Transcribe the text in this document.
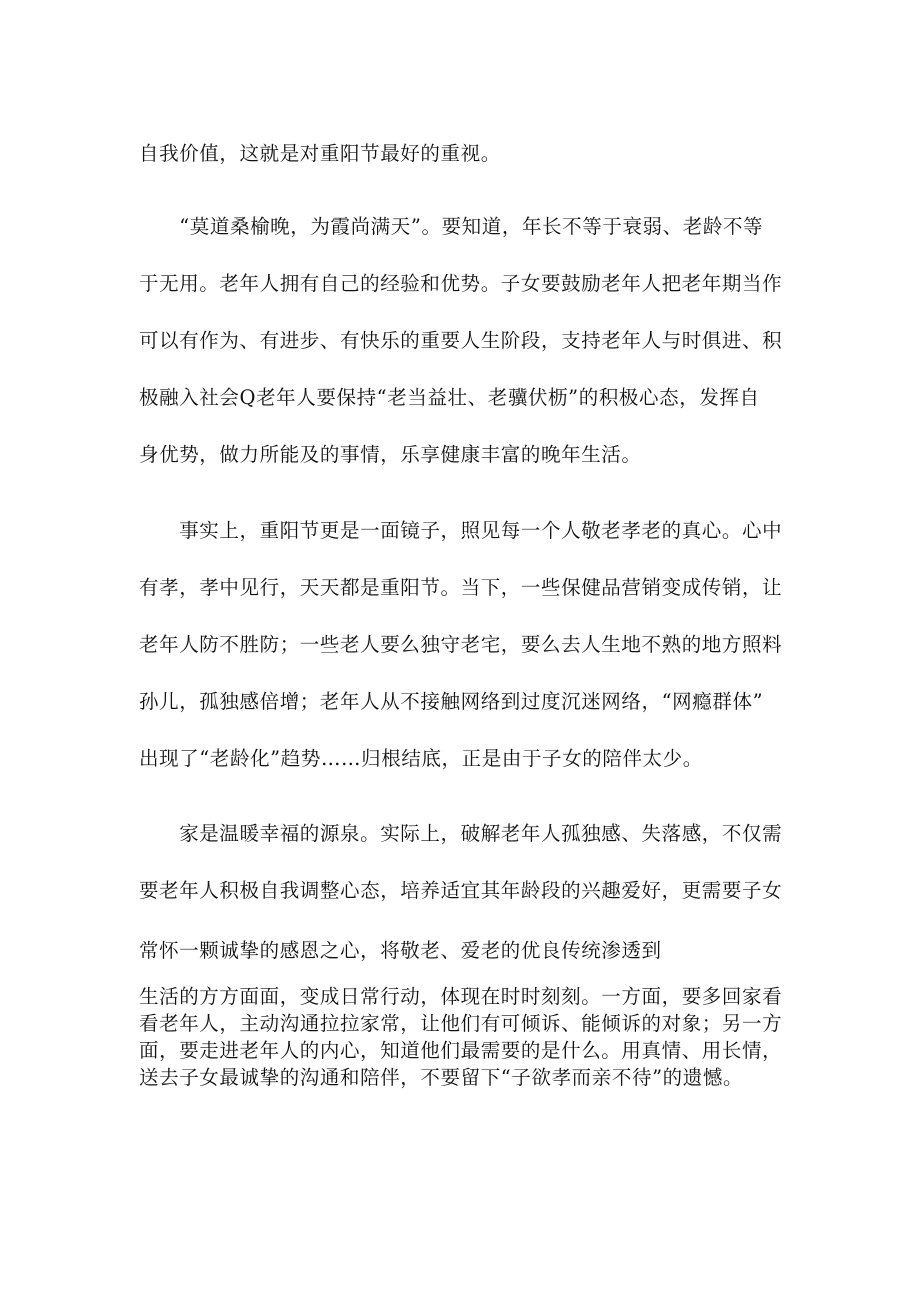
自我价值，这就是对重阳节最好的重视。
　　“莫道桑榆晚，为霞尚满天”。要知道，年长不等于衰弱、老龄不等
于无用。老年人拥有自己的经验和优势。子女要鼓励老年人把老年期当作
可以有作为、有进步、有快乐的重要人生阶段，支持老年人与时俱进、积
极融入社会Q老年人要保持“老当益壮、老骥伏枥”的积极心态，发挥自
身优势，做力所能及的事情，乐享健康丰富的晚年生活。
　　事实上，重阳节更是一面镜子，照见每一个人敬老孝老的真心。心中
有孝，孝中见行，天天都是重阳节。当下，一些保健品营销变成传销，让
老年人防不胜防；一些老人要么独守老宅，要么去人生地不熟的地方照料
孙儿，孤独感倍增；老年人从不接触网络到过度沉迷网络，“网瘾群体”
出现了“老龄化”趋势……归根结底，正是由于子女的陪伴太少。
　　家是温暖幸福的源泉。实际上，破解老年人孤独感、失落感，不仅需
要老年人积极自我调整心态，培养适宜其年龄段的兴趣爱好，更需要子女
常怀一颗诚挚的感恩之心，将敬老、爱老的优良传统渗透到
生活的方方面面，变成日常行动，体现在时时刻刻。一方面，要多回家看
看老年人，主动沟通拉拉家常，让他们有可倾诉、能倾诉的对象；另一方
面，要走进老年人的内心，知道他们最需要的是什么。用真情、用长情，
送去子女最诚挚的沟通和陪伴，不要留下“子欲孝而亲不待”的遗憾。
